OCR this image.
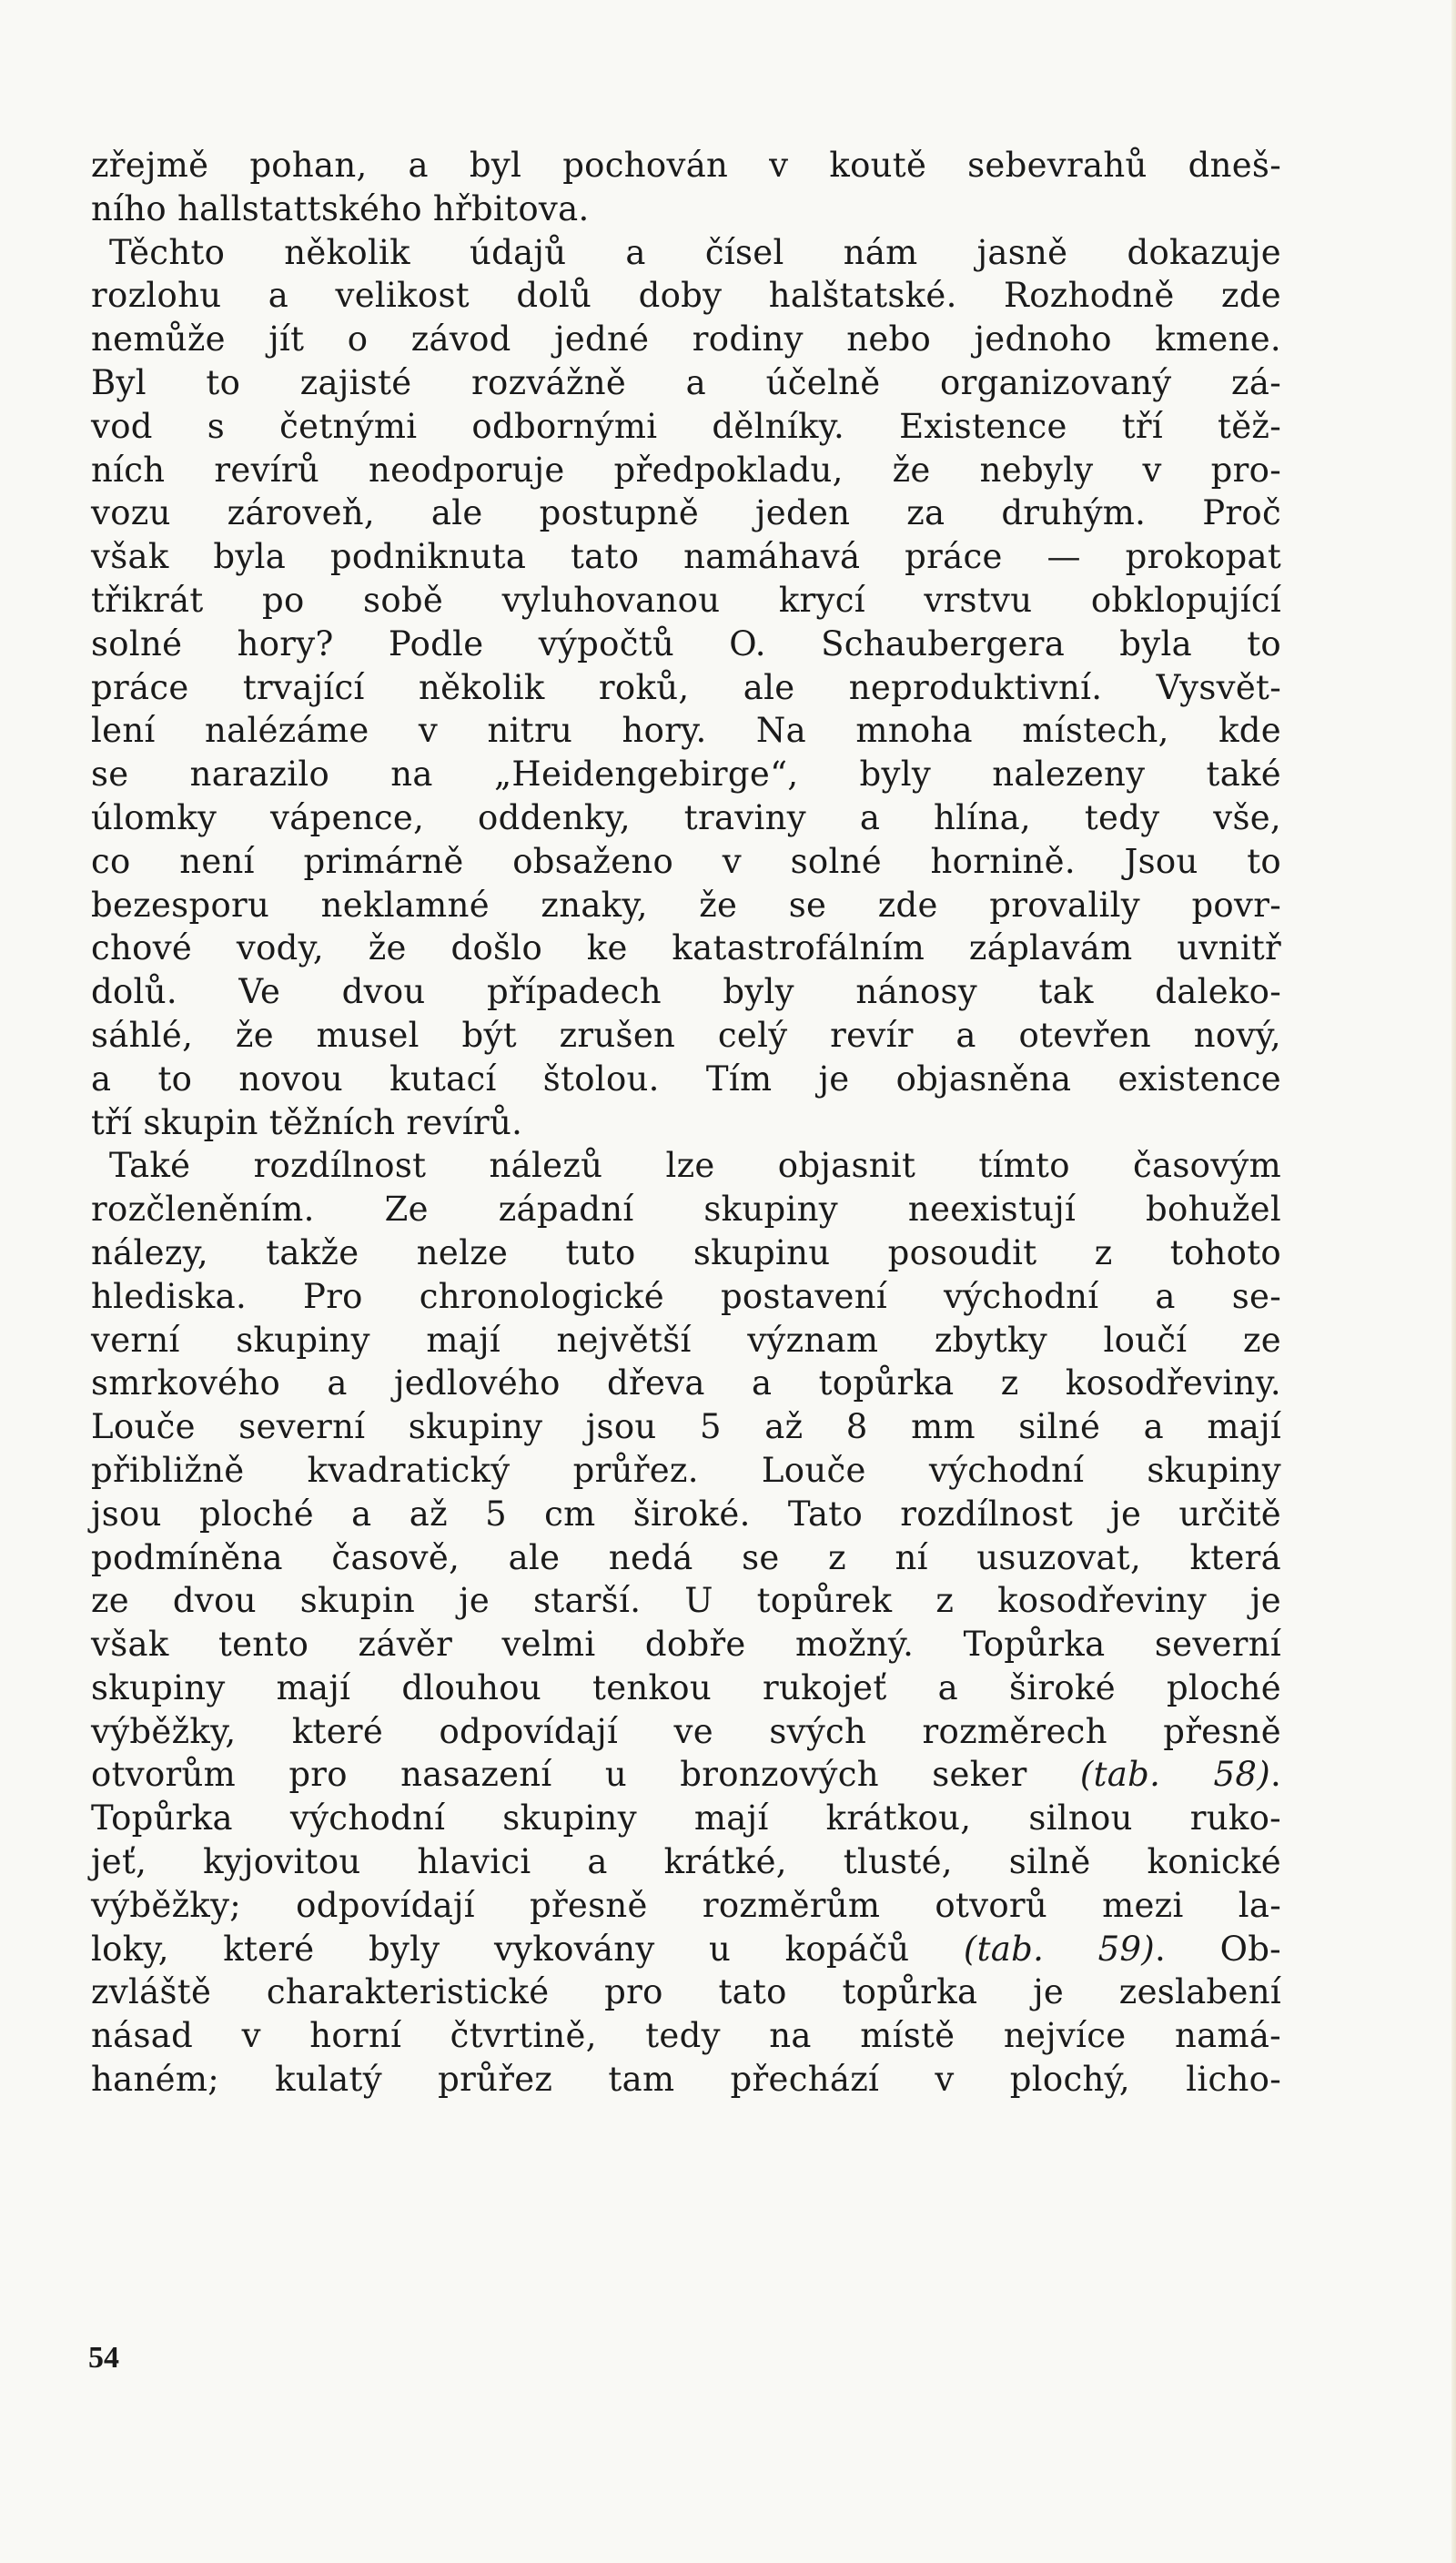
zřejmě pohan, a byl pochován v koutě sebevrahů dneš-
ního hallstattského hřbitova.
Těchto několik údajů a čísel nám jasně dokazuje
rozlohu a velikost dolů doby halštatské. Rozhodně zde
nemůže jít o závod jedné rodiny nebo jednoho kmene.
Byl to zajisté rozvážně a účelně organizovaný zá-
vod s četnými odbornými dělníky. Existence tří těž-
ních revírů neodporuje předpokladu, že nebyly v pro-
vozu zároveň, ale postupně jeden za druhým. Proč
však byla podniknuta tato namáhavá práce — prokopat
třikrát po sobě vyluhovanou krycí vrstvu obklopující
solné hory? Podle výpočtů O. Schaubergera byla to
práce trvající několik roků, ale neproduktivní. Vysvět-
lení nalézáme v nitru hory. Na mnoha místech, kde
se narazilo na „Heidengebirge“, byly nalezeny také
úlomky vápence, oddenky, traviny a hlína, tedy vše,
co není primárně obsaženo v solné hornině. Jsou to
bezesporu neklamné znaky, že se zde provalily povr-
chové vody, že došlo ke katastrofálním záplavám uvnitř
dolů. Ve dvou případech byly nánosy tak daleko-
sáhlé, že musel být zrušen celý revír a otevřen nový,
a to novou kutací štolou. Tím je objasněna existence
tří skupin těžních revírů.
Také rozdílnost nálezů lze objasnit tímto časovým
rozčleněním. Ze západní skupiny neexistují bohužel
nálezy, takže nelze tuto skupinu posoudit z tohoto
hlediska. Pro chronologické postavení východní a se-
verní skupiny mají největší význam zbytky loučí ze
smrkového a jedlového dřeva a topůrka z kosodřeviny.
Louče severní skupiny jsou 5 až 8 mm silné a mají
přibližně kvadratický průřez. Louče východní skupiny
jsou ploché a až 5 cm široké. Tato rozdílnost je určitě
podmíněna časově, ale nedá se z ní usuzovat, která
ze dvou skupin je starší. U topůrek z kosodřeviny je
však tento závěr velmi dobře možný. Topůrka severní
skupiny mají dlouhou tenkou rukojeť a široké ploché
výběžky, které odpovídají ve svých rozměrech přesně
otvorům pro nasazení u bronzových seker (tab. 58).
Topůrka východní skupiny mají krátkou, silnou ruko-
jeť, kyjovitou hlavici a krátké, tlusté, silně konické
výběžky; odpovídají přesně rozměrům otvorů mezi la-
loky, které byly vykovány u kopáčů (tab. 59). Ob-
zvláště charakteristické pro tato topůrka je zeslabení
násad v horní čtvrtině, tedy na místě nejvíce namá-
haném; kulatý průřez tam přechází v plochý, licho-
54
